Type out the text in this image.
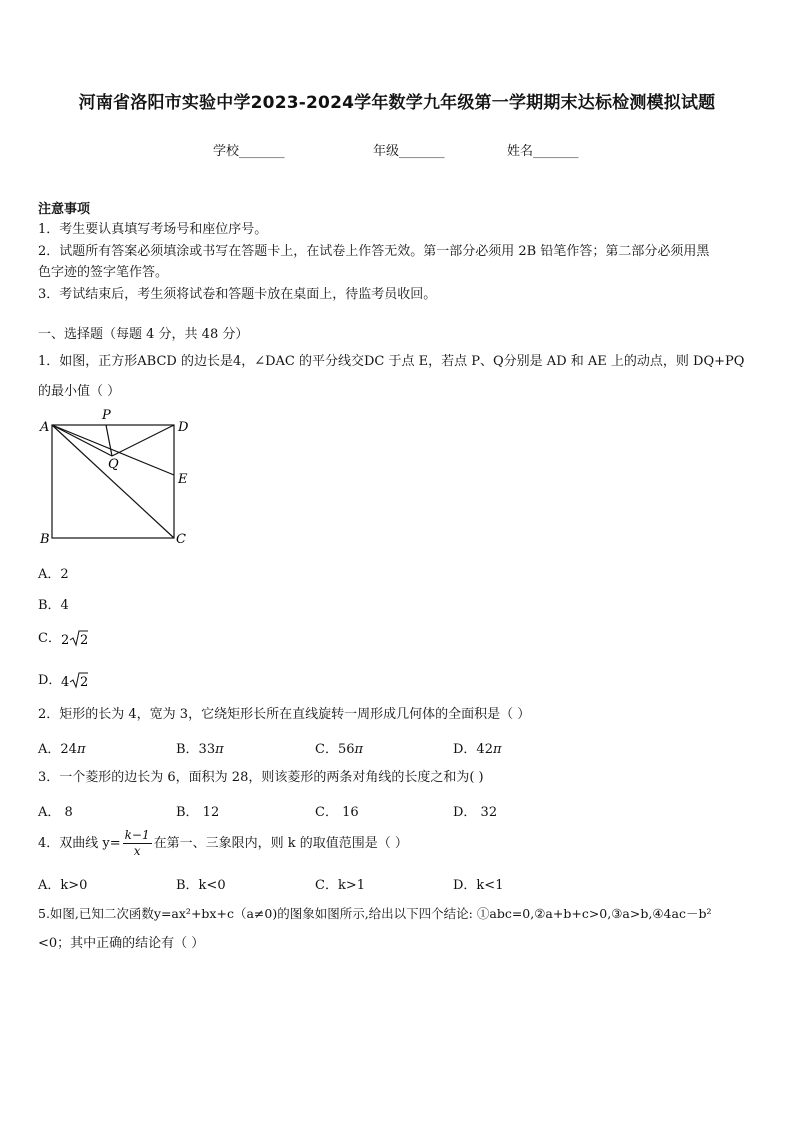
河南省洛阳市实验中学2023-2024学年数学九年级第一学期期末达标检测模拟试题
学校_______	年级_______	姓名_______
注意事项
1．考生要认真填写考场号和座位序号。
2．试题所有答案必须填涂或书写在答题卡上，在试卷上作答无效。第一部分必须用 2B 铅笔作答；第二部分必须用黑
色字迹的签字笔作答。
3．考试结束后，考生须将试卷和答题卡放在桌面上，待监考员收回。
一、选择题（每题 4 分，共 48 分）
1．如图，正方形ABCD 的边长是4，∠DAC 的平分线交DC 于点 E，若点 P、Q分别是 AD 和 AE 上的动点，则 DQ+PQ
的最小值（ ）
A
B	C
D
E
P
Q
A．2
B．4
C． 2 2
D． 4 2
2．矩形的长为 4，宽为 3，它绕矩形长所在直线旋转一周形成几何体的全面积是（ ）
A．24π	B．33π	C．56π	D．42π
3．一个菱形的边长为 6，面积为 28，则该菱形的两条对角线的长度之和为( )
A． 8	B． 12	C． 16	D． 32
4．双曲线 $y= \frac{k-1}{x}$ 在第一、三象限内，则 k 的取值范围是（ ）
A．k>0	B．k<0	C．k>1	D．k<1
5.如图,已知二次函数y=ax²+bx+c（a≠0)的图象如图所示,给出以下四个结论: ①abc=0,②a+b+c>0,③a>b,④4ac－b²
<0；其中正确的结论有（ ）
